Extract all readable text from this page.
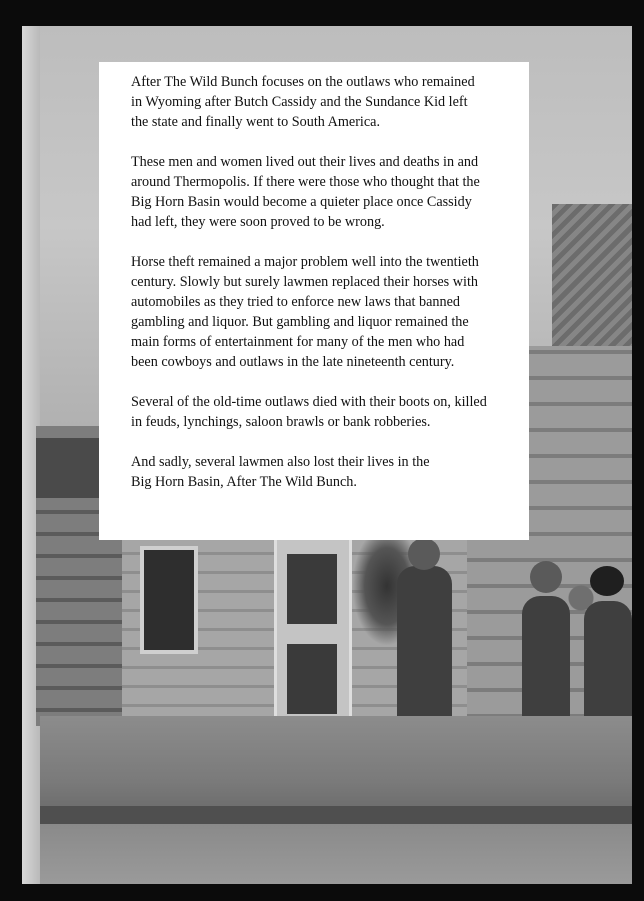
After The Wild Bunch focuses on the outlaws who remained
in Wyoming after Butch Cassidy and the Sundance Kid left
the state and finally went to South America.

These men and women lived out their lives and deaths in and
around Thermopolis. If there were those who thought that the
Big Horn Basin would become a quieter place once Cassidy
had left, they were soon proved to be wrong.

Horse theft remained a major problem well into the twentieth
century. Slowly but surely lawmen replaced their horses with
automobiles as they tried to enforce new laws that banned
gambling and liquor. But gambling and liquor remained the
main forms of entertainment for many of the men who had
been cowboys and outlaws in the late nineteenth century.

Several of the old-time outlaws died with their boots on, killed
in feuds, lynchings, saloon brawls or bank robberies.

And sadly, several lawmen also lost their lives in the
Big Horn Basin, After The Wild Bunch.
